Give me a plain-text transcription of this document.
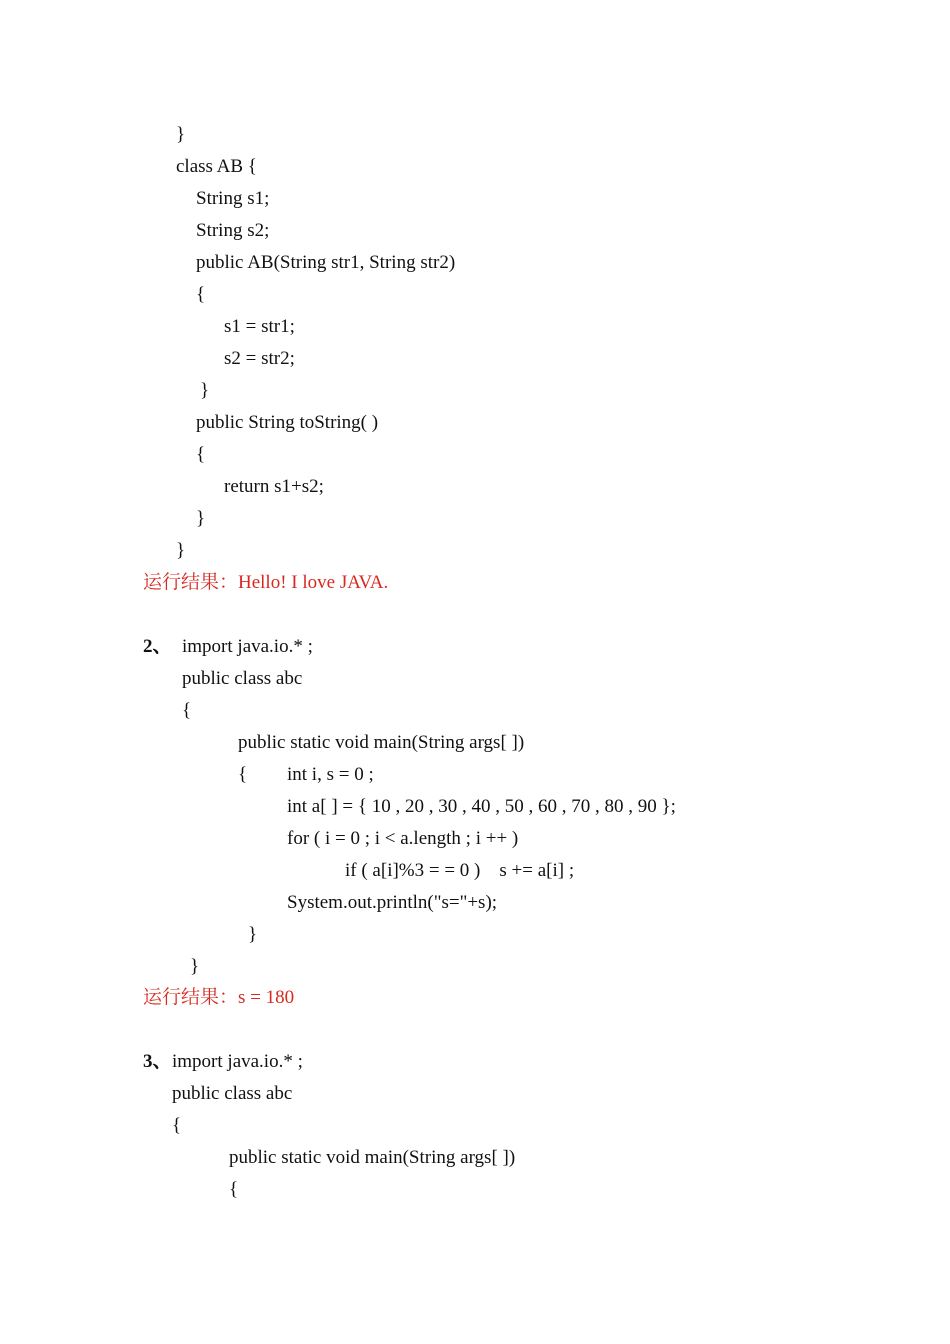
}
class AB {
String s1;
String s2;
public AB(String str1, String str2)
{
s1 = str1;
s2 = str2;
}
public String toString( )
{
return s1+s2;
}
}
运行结果：Hello! I love JAVA.
2、 import java.io.* ;
public class abc
{
public static void main(String args[ ])
{ int i, s = 0 ;
int a[ ] = { 10 , 20 , 30 , 40 , 50 , 60 , 70 , 80 , 90 };
for ( i = 0 ; i < a.length ; i ++ )
if ( a[i]%3 = = 0 )    s += a[i] ;
System.out.println("s="+s);
}
}
运行结果：s = 180
3、 import java.io.* ;
public class abc
{
public static void main(String args[ ])
{
